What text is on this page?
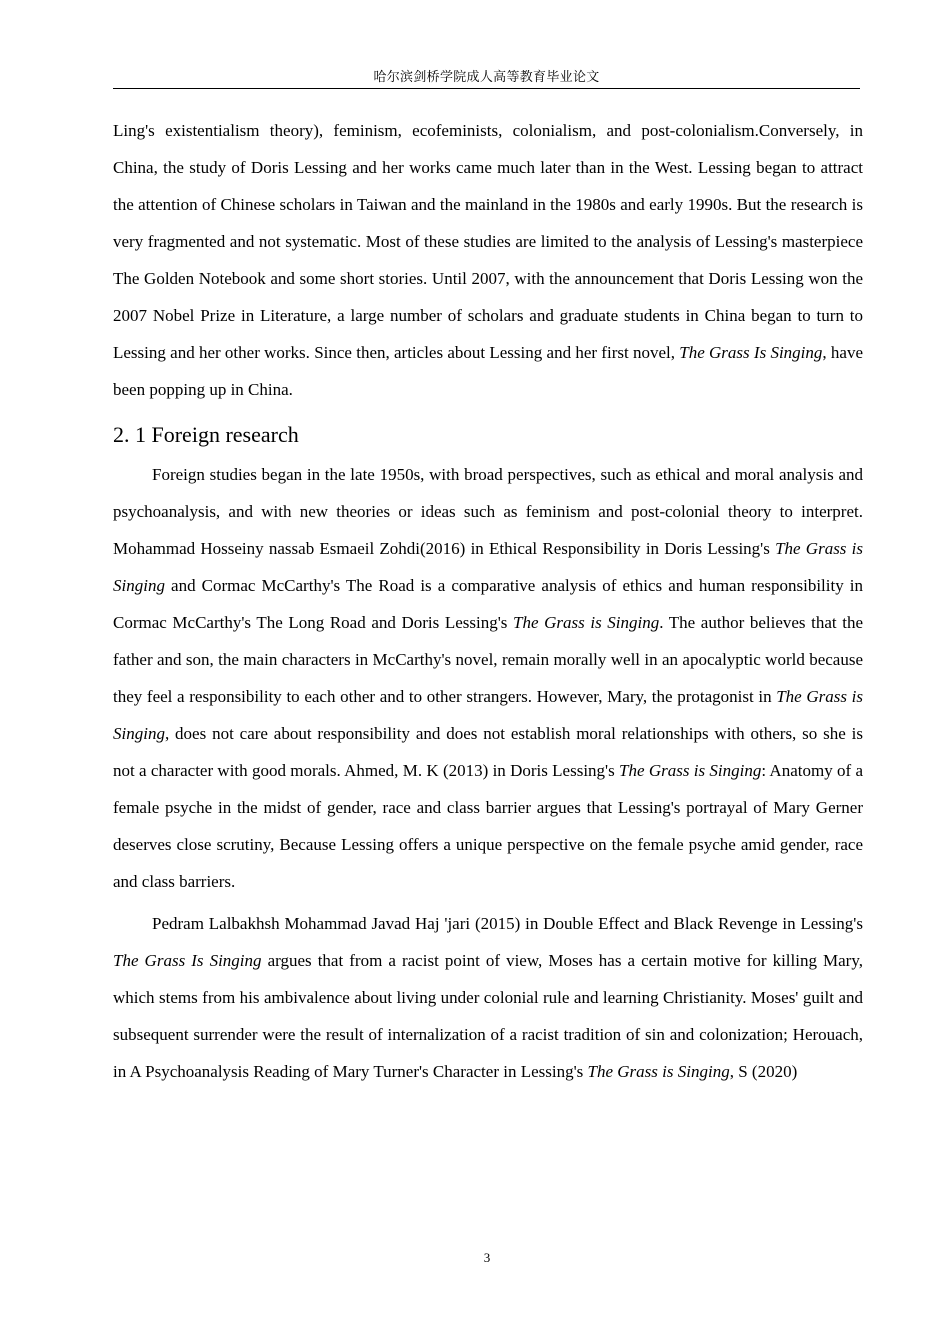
哈尔滨剑桥学院成人高等教育毕业论文

Ling's existentialism theory), feminism, ecofeminists, colonialism, and post-colonialism.Conversely, in China, the study of Doris Lessing and her works came much later than in the West. Lessing began to attract the attention of Chinese scholars in Taiwan and the mainland in the 1980s and early 1990s. But the research is very fragmented and not systematic. Most of these studies are limited to the analysis of Lessing's masterpiece The Golden Notebook and some short stories. Until 2007, with the announcement that Doris Lessing won the 2007 Nobel Prize in Literature, a large number of scholars and graduate students in China began to turn to Lessing and her other works. Since then, articles about Lessing and her first novel, The Grass Is Singing, have been popping up in China.

2. 1 Foreign research

Foreign studies began in the late 1950s, with broad perspectives, such as ethical and moral analysis and psychoanalysis, and with new theories or ideas such as feminism and post-colonial theory to interpret. Mohammad Hosseiny nassab Esmaeil Zohdi(2016) in Ethical Responsibility in Doris Lessing's The Grass is Singing and Cormac McCarthy's The Road is a comparative analysis of ethics and human responsibility in Cormac McCarthy's The Long Road and Doris Lessing's The Grass is Singing. The author believes that the father and son, the main characters in McCarthy's novel, remain morally well in an apocalyptic world because they feel a responsibility to each other and to other strangers. However, Mary, the protagonist in The Grass is Singing, does not care about responsibility and does not establish moral relationships with others, so she is not a character with good morals. Ahmed, M. K (2013) in Doris Lessing's The Grass is Singing: Anatomy of a female psyche in the midst of gender, race and class barrier argues that Lessing's portrayal of Mary Gerner deserves close scrutiny, Because Lessing offers a unique perspective on the female psyche amid gender, race and class barriers.

Pedram Lalbakhsh Mohammad Javad Haj 'jari (2015) in Double Effect and Black Revenge in Lessing's The Grass Is Singing argues that from a racist point of view, Moses has a certain motive for killing Mary, which stems from his ambivalence about living under colonial rule and learning Christianity. Moses' guilt and subsequent surrender were the result of internalization of a racist tradition of sin and colonization; Herouach, in A Psychoanalysis Reading of Mary Turner's Character in Lessing's The Grass is Singing, S (2020)

3
